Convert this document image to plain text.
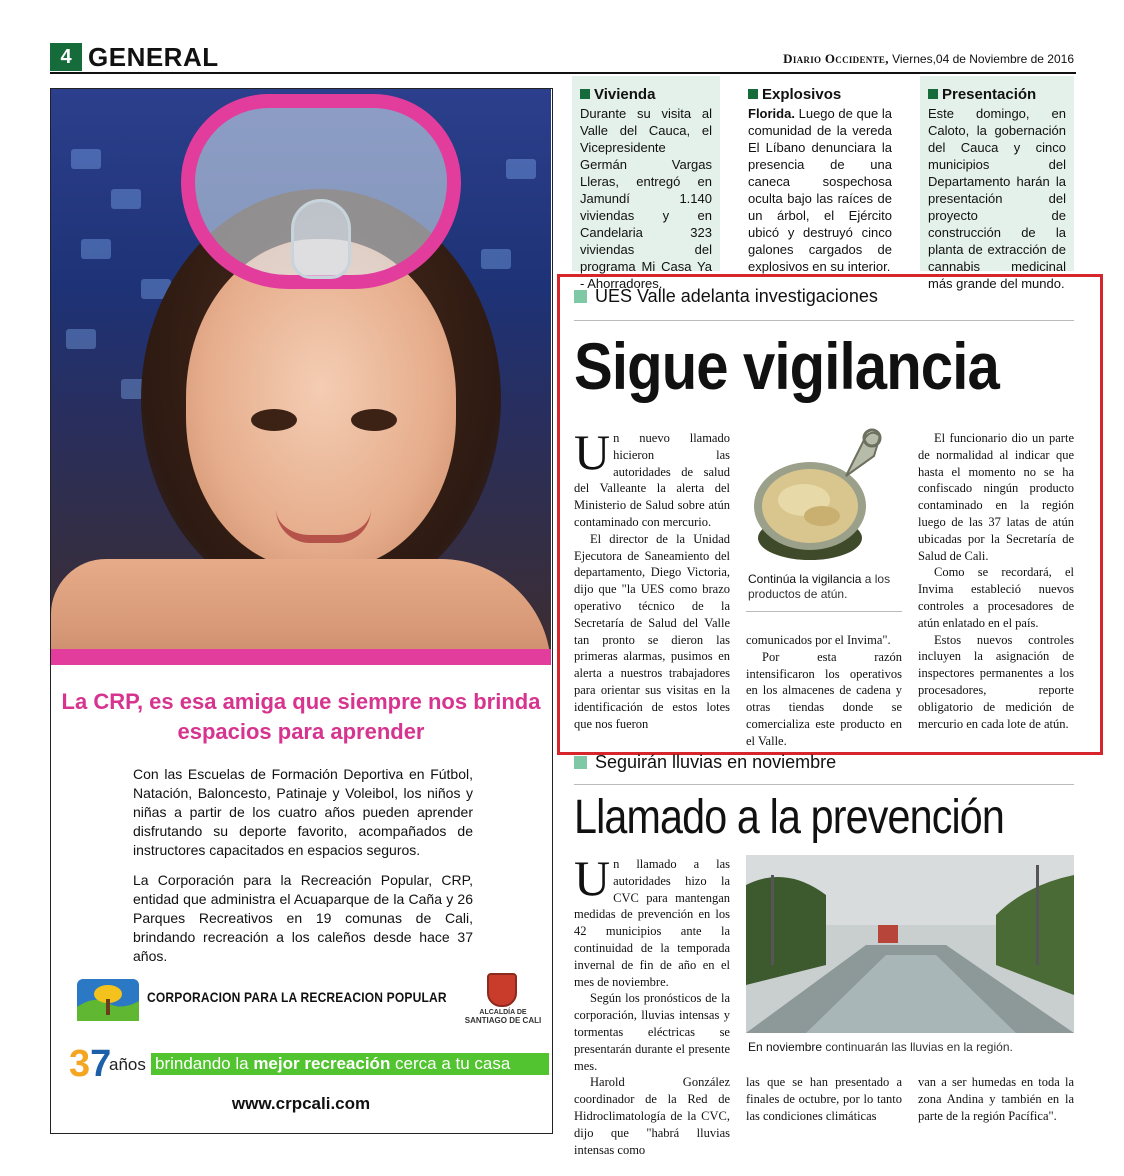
4 GENERAL	Diario Occidente, Viernes,04 de Noviembre de 2016
La CRP, es esa amiga que siempre nos brinda espacios para aprender
Con las Escuelas de Formación Deportiva en Fútbol, Natación, Baloncesto, Patinaje y Voleibol, los niños y niñas a partir de los cuatro años pueden aprender disfrutando su deporte favorito, acompañados de instructores capacitados en espacios seguros.
La Corporación para la Recreación Popular, CRP, entidad que administra el Acuaparque de la Caña y 26 Parques Recreativos en 19 comunas de Cali, brindando recreación a los caleños desde hace 37 años.
CORPORACION PARA LA RECREACION POPULAR
ALCALDÍA DE
SANTIAGO DE CALI
37
años brindando la mejor recreación cerca a tu casa
www.crpcali.com
Vivienda
Durante su visita al Valle del Cauca, el Vicepresidente Germán Vargas Lleras, entregó en Jamundí 1.140 viviendas y en Candelaria 323 viviendas del programa Mi Casa Ya - Ahorradores.
Explosivos
Florida. Luego de que la comunidad de la vereda El Líbano denunciara la presencia de una caneca sospechosa oculta bajo las raíces de un árbol, el Ejército ubicó y destruyó cinco galones cargados de explosivos en su interior.
Presentación
Este domingo, en Caloto, la gobernación del Cauca y cinco municipios del Departamento harán la presentación del proyecto de construcción de la planta de extracción de cannabis medicinal más grande del mundo.
UES Valle adelanta investigaciones
Sigue vigilancia

Un nuevo llamado hicieron las autoridades de salud del Valleante la alerta del Ministerio de Salud sobre atún contaminado con mercurio.

El director de la Unidad Ejecutora de Saneamiento del departamento, Diego Victoria, dijo que "la UES como brazo operativo técnico de la Secretaría de Salud del Valle tan pronto se dieron las primeras alarmas, pusimos en alerta a nuestros trabajadores para orientar sus visitas en la identificación de estos lotes que nos fueron

Continúa la vigilancia a los productos de atún.

comunicados por el Invima".

Por esta razón intensificaron los operativos en los almacenes de cadena y otras tiendas donde se comercializa este producto en el Valle.

El funcionario dio un parte de normalidad al indicar que hasta el momento no se ha confiscado ningún producto contaminado en la región luego de las 37 latas de atún ubicadas por la Secretaría de Salud de Cali.

Como se recordará, el Invima estableció nuevos controles a procesadores de atún enlatado en el país.

Estos nuevos controles incluyen la asignación de inspectores permanentes a los procesadores, reporte obligatorio de medición de mercurio en cada lote de atún.

Seguirán lluvias en noviembre
Llamado a la prevención

Un llamado a las autoridades hizo la CVC para mantengan medidas de prevención en los 42 municipios ante la continuidad de la temporada invernal de fin de año en el mes de noviembre.

Según los pronósticos de la corporación, lluvias intensas y tormentas eléctricas se presentarán durante el presente mes.

Harold González coordinador de la Red de Hidroclimatología de la CVC, dijo que "habrá lluvias intensas como

En noviembre continuarán las lluvias en la región.

las que se han presentado a finales de octubre, por lo tanto las condiciones climáticas

van a ser humedas en toda la zona Andina y también en la parte de la región Pacífica".
